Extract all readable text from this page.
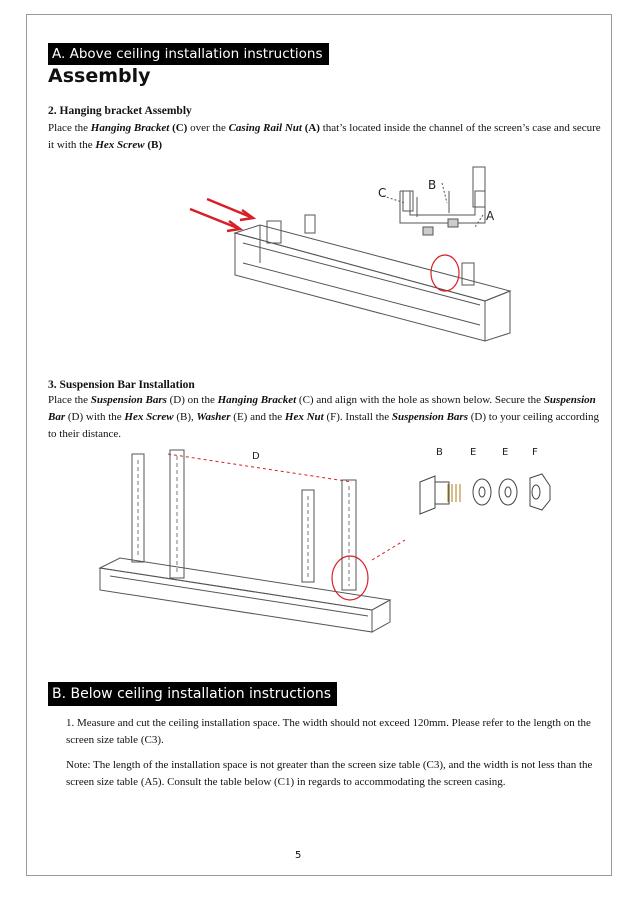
A. Above ceiling installation instructions
Assembly
2. Hanging bracket Assembly
Place the Hanging Bracket (C) over the Casing Rail Nut (A) that’s located inside the channel of the screen’s case and secure it with the Hex Screw (B)
C
B
A
3. Suspension Bar Installation
Place the Suspension Bars (D) on the Hanging Bracket (C) and align with the hole as shown below. Secure the Suspension Bar (D) with the Hex Screw (B), Washer (E) and the Hex Nut (F). Install the Suspension Bars (D) to your ceiling according to their distance.
D	B	E	E F
B. Below ceiling installation instructions
1. Measure and cut the ceiling installation space. The width should not exceed 120mm. Please refer to the length on the screen size table (C3).
Note: The length of the installation space is not greater than the screen size table (C3), and the width is not less than the screen size table (A5). Consult the table below (C1) in regards to accommodating the screen casing.
5
